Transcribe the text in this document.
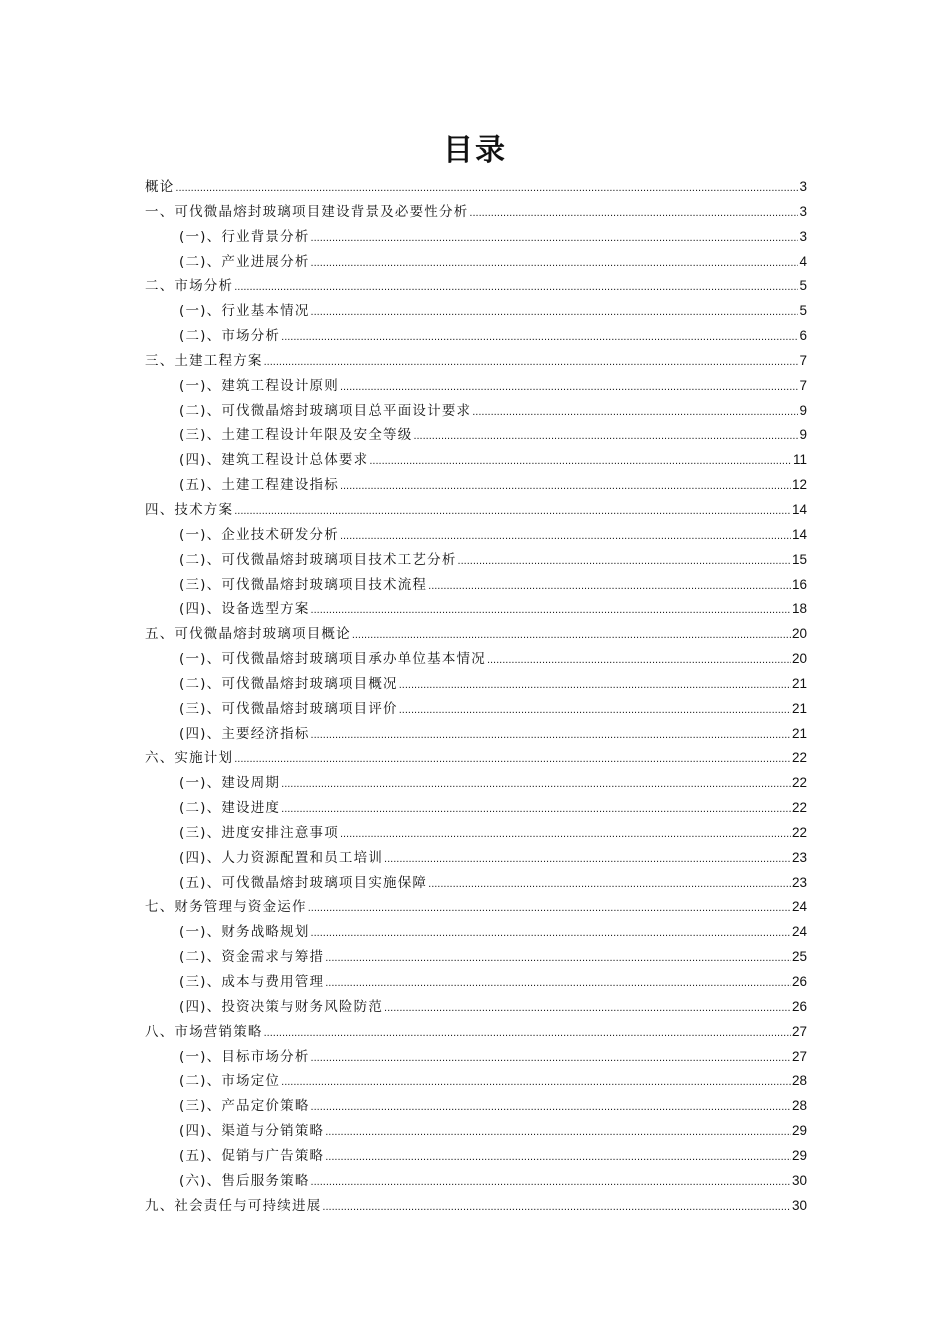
目录
概论 .....	3
一、可伐微晶熔封玻璃项目建设背景及必要性分析 .....	3
(一)、行业背景分析 .....	3
(二)、产业进展分析 .....	4
二、市场分析 .....	5
(一)、行业基本情况 .....	5
(二)、市场分析 .....	6
三、土建工程方案 .....	7
(一)、建筑工程设计原则 .....	7
(二)、可伐微晶熔封玻璃项目总平面设计要求 .....	9
(三)、土建工程设计年限及安全等级 .....	9
(四)、建筑工程设计总体要求 .....	11
(五)、土建工程建设指标 .....	12
四、技术方案 .....	14
(一)、企业技术研发分析 .....	14
(二)、可伐微晶熔封玻璃项目技术工艺分析 .....	15
(三)、可伐微晶熔封玻璃项目技术流程 .....	16
(四)、设备选型方案 .....	18
五、可伐微晶熔封玻璃项目概论 .....	20
(一)、可伐微晶熔封玻璃项目承办单位基本情况 .....	20
(二)、可伐微晶熔封玻璃项目概况 .....	21
(三)、可伐微晶熔封玻璃项目评价 .....	21
(四)、主要经济指标 .....	21
六、实施计划 .....	22
(一)、建设周期 .....	22
(二)、建设进度 .....	22
(三)、进度安排注意事项 .....	22
(四)、人力资源配置和员工培训 .....	23
(五)、可伐微晶熔封玻璃项目实施保障 .....	23
七、财务管理与资金运作 .....	24
(一)、财务战略规划 .....	24
(二)、资金需求与筹措 .....	25
(三)、成本与费用管理 .....	26
(四)、投资决策与财务风险防范 .....	26
八、市场营销策略 .....	27
(一)、目标市场分析 .....	27
(二)、市场定位 .....	28
(三)、产品定价策略 .....	28
(四)、渠道与分销策略 .....	29
(五)、促销与广告策略 .....	29
(六)、售后服务策略 .....	30
九、社会责任与可持续进展 .....	30
